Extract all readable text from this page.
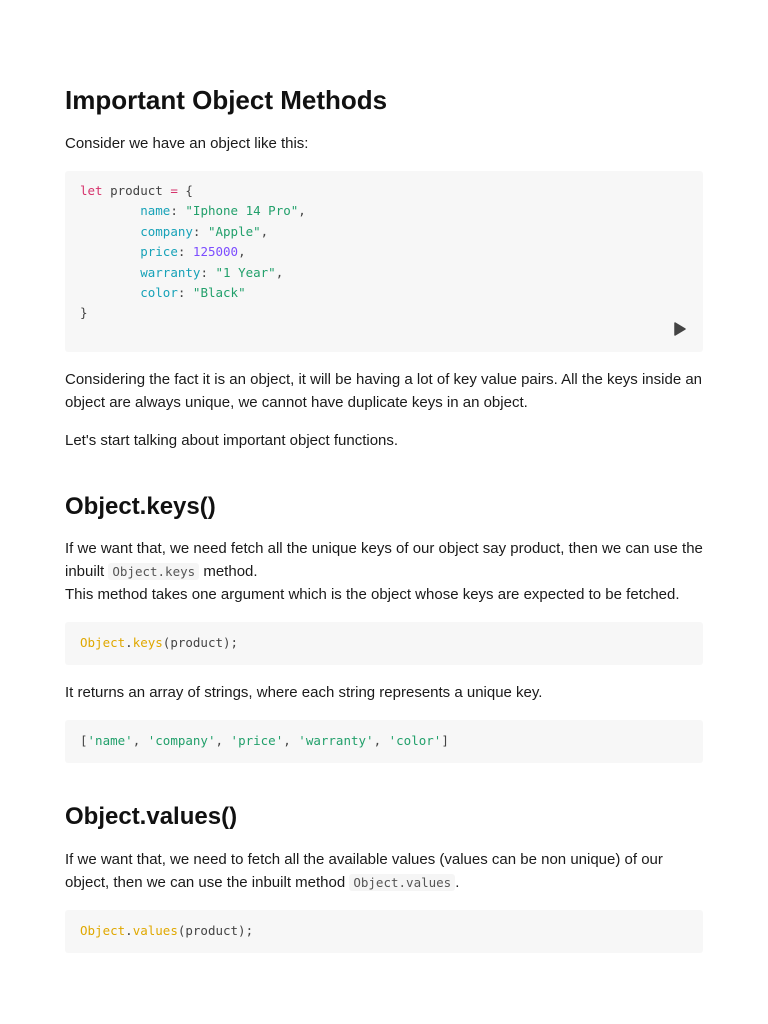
Important Object Methods

Consider we have an object like this:

let product = {
name: "Iphone 14 Pro",
company: "Apple",
price: 125000,
warranty: "1 Year",
color: "Black"
}

Considering the fact it is an object, it will be having a lot of key value pairs. All the keys inside an object are always unique, we cannot have duplicate keys in an object.

Let's start talking about important object functions.

Object.keys()

If we want that, we need fetch all the unique keys of our object say product, then we can use the inbuilt Object.keys method.
This method takes one argument which is the object whose keys are expected to be fetched.

Object.keys(product);

It returns an array of strings, where each string represents a unique key.

['name', 'company', 'price', 'warranty', 'color']
Object.values()

If we want that, we need to fetch all the available values (values can be non unique) of our object, then we can use the inbuilt method Object.values .

Object.values(product);
